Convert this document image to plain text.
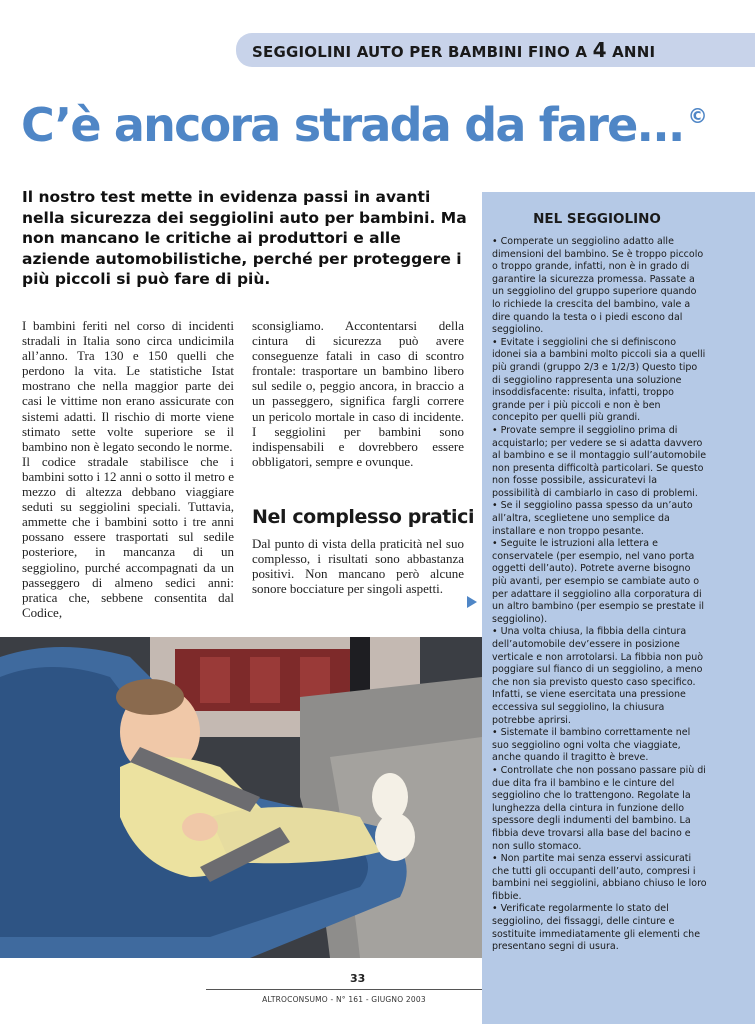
SEGGIOLINI AUTO PER BAMBINI FINO A 4 ANNI
C’è ancora strada da fare... ©
Il nostro test mette in evidenza passi in avanti nella sicurezza dei seggiolini auto per bambini. Ma non mancano le critiche ai produttori e alle aziende automobilistiche, perché per proteggere i più piccoli si può fare di più.

I bambini feriti nel corso di incidenti stradali in Italia sono circa undicimila all’anno. Tra 130 e 150 quelli che perdono la vita. Le statistiche Istat mostrano che nella maggior parte dei casi le vittime non erano assicurate con sistemi adatti. Il rischio di morte viene stimato sette volte superiore se il bambino non è legato secondo le norme.

Il codice stradale stabilisce che i bambini sotto i 12 anni o sotto il metro e mezzo di altezza debbano viaggiare seduti su seggiolini speciali. Tuttavia, ammette che i bambini sotto i tre anni possano essere trasportati sul sedile posteriore, in mancanza di un seggiolino, purché accompagnati da un passeggero di almeno sedici anni: pratica che, sebbene consentita dal Codice,

sconsigliamo. Accontentarsi della cintura di sicurezza può avere conseguenze fatali in caso di scontro frontale: trasportare un bambino libero sul sedile o, peggio ancora, in braccio a un passeggero, significa fargli correre un pericolo mortale in caso di incidente. I seggiolini per bambini sono indispensabili e dovrebbero essere obbligatori, sempre e ovunque.

Nel complesso pratici

Dal punto di vista della praticità nel suo complesso, i risultati sono abbastanza positivi. Non mancano però alcune sonore bocciature per singoli aspetti.

NEL SEGGIOLINO
• Comperate un seggiolino adatto alle dimensioni del bambino. Se è troppo piccolo o troppo grande, infatti, non è in grado di garantire la sicurezza promessa. Passate a un seggiolino del gruppo superiore quando lo richiede la crescita del bambino, vale a dire quando la testa o i piedi escono dal seggiolino.
• Evitate i seggiolini che si definiscono idonei sia a bambini molto piccoli sia a quelli più grandi (gruppo 2/3 e 1/2/3) Questo tipo di seggiolino rappresenta una soluzione insoddisfacente: risulta, infatti, troppo grande per i più piccoli e non è ben concepito per quelli più grandi.
• Provate sempre il seggiolino prima di acquistarlo; per vedere se si adatta davvero al bambino e se il montaggio sull’automobile non presenta difficoltà particolari. Se questo non fosse possibile, assicuratevi la possibilità di cambiarlo in caso di problemi.
• Se il seggiolino passa spesso da un’auto all’altra, sceglietene uno semplice da installare e non troppo pesante.
• Seguite le istruzioni alla lettera e conservatele (per esempio, nel vano porta oggetti dell’auto). Potrete averne bisogno più avanti, per esempio se cambiate auto o per adattare il seggiolino alla corporatura di un altro bambino (per esempio se prestate il seggiolino).
• Una volta chiusa, la fibbia della cintura dell’automobile dev’essere in posizione verticale e non arrotolarsi. La fibbia non può poggiare sul fianco di un seggiolino, a meno che non sia previsto questo caso specifico. Infatti, se viene esercitata una pressione eccessiva sul seggiolino, la chiusura potrebbe aprirsi.
• Sistemate il bambino correttamente nel suo seggiolino ogni volta che viaggiate, anche quando il tragitto è breve.
• Controllate che non possano passare più di due dita fra il bambino e le cinture del seggiolino che lo trattengono. Regolate la lunghezza della cintura in funzione dello spessore degli indumenti del bambino. La fibbia deve trovarsi alla base del bacino e non sullo stomaco.
• Non partite mai senza esservi assicurati che tutti gli occupanti dell’auto, compresi i bambini nei seggiolini, abbiano chiuso le loro fibbie.
• Verificate regolarmente lo stato del seggiolino, dei fissaggi, delle cinture e sostituite immediatamente gli elementi che presentano segni di usura.
33
ALTROCONSUMO - N° 161 - GIUGNO 2003
